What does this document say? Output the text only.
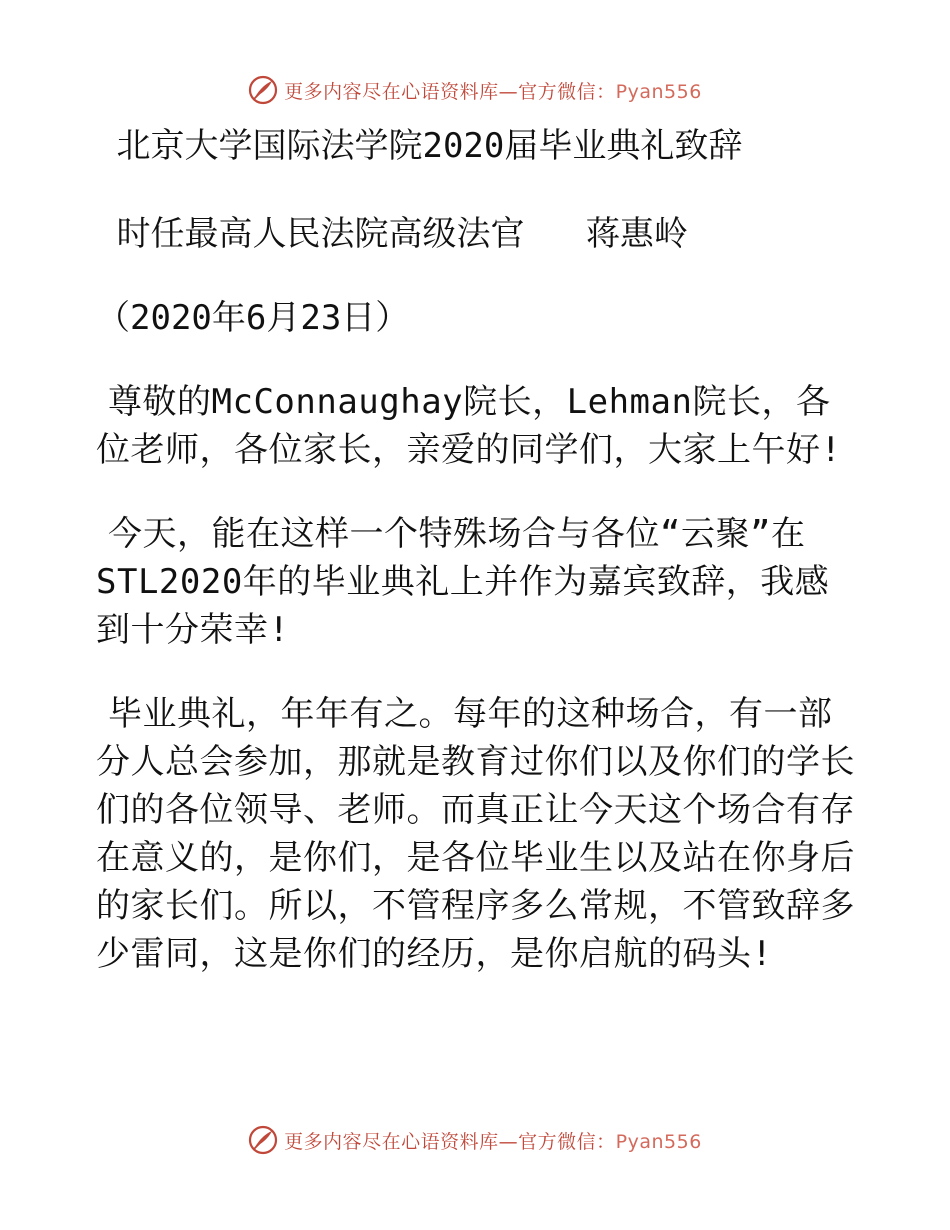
更多内容尽在心语资料库—官方微信：Pyan556

北京大学国际法学院2020届毕业典礼致辞

时任最高人民法院高级法官   蒋惠岭

（2020年6月23日）

尊敬的McConnaughay院长，Lehman院长，各位老师，各位家长，亲爱的同学们，大家上午好!

今天，能在这样一个特殊场合与各位“云聚”在STL2020年的毕业典礼上并作为嘉宾致辞，我感到十分荣幸!

毕业典礼，年年有之。每年的这种场合，有一部分人总会参加，那就是教育过你们以及你们的学长们的各位领导、老师。而真正让今天这个场合有存在意义的，是你们，是各位毕业生以及站在你身后的家长们。所以，不管程序多么常规，不管致辞多少雷同，这是你们的经历，是你启航的码头!

更多内容尽在心语资料库—官方微信：Pyan556
